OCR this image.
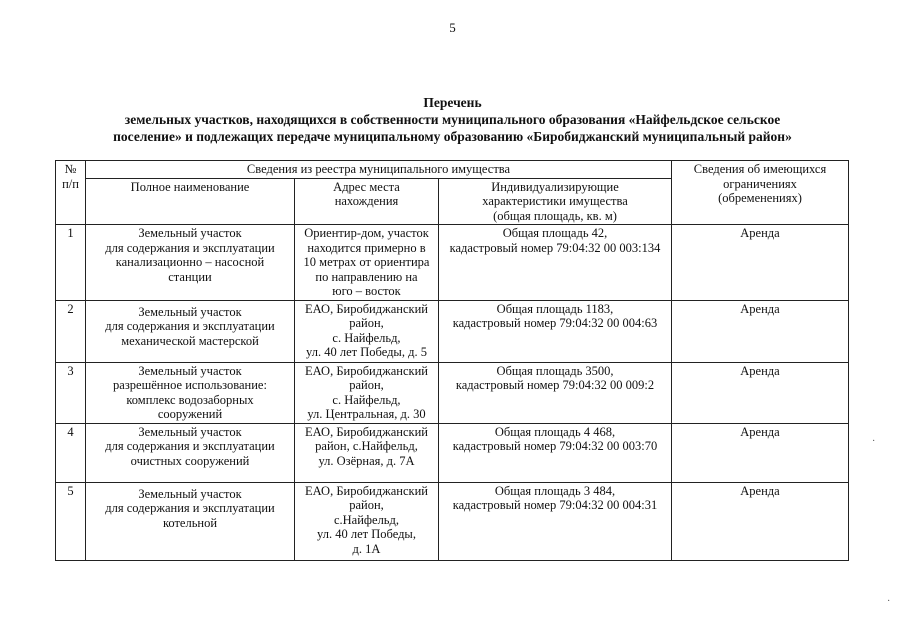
5
Перечень
земельных участков, находящихся в собственности муниципального образования «Найфельдское сельское
поселение» и подлежащих передаче муниципальному образованию «Биробиджанский муниципальный район»
№
п/п	Сведения из реестра муниципального имущества			Сведения об имеющихся
ограничениях
(обременениях)

	Полное наименование	Адрес места
нахождения	Индивидуализирующие
характеристики имущества
(общая площадь, кв. м)	

1	Земельный участок
для содержания и эксплуатации
канализационно – насосной
станции	Ориентир-дом, участок
находится примерно в
10 метрах от ориентира
по направлению на
юго – восток	Общая площадь 42,
кадастровый номер 79:04:32 00 003:134	Аренда
2	Земельный участок
для содержания и эксплуатации
механической мастерской	ЕАО, Биробиджанский
район,
с. Найфельд,
ул. 40 лет Победы, д. 5	Общая площадь 1183,
кадастровый номер 79:04:32 00 004:63	Аренда
3	Земельный участок
разрешённое использование:
комплекс водозаборных
сооружений	ЕАО, Биробиджанский
район,
с. Найфельд,
ул. Центральная, д. 30	Общая площадь 3500,
кадастровый номер 79:04:32 00 009:2	Аренда
4	Земельный участок
для содержания и эксплуатации
очистных сооружений	ЕАО, Биробиджанский
район, с.Найфельд,
ул. Озёрная, д. 7А	Общая площадь 4 468,
кадастровый номер 79:04:32 00 003:70	Аренда
5	Земельный участок
для содержания и эксплуатации
котельной	ЕАО, Биробиджанский
район,
с.Найфельд,
ул. 40 лет Победы,
д. 1А	Общая площадь 3 484,
кадастровый номер 79:04:32 00 004:31	Аренда
·
·
